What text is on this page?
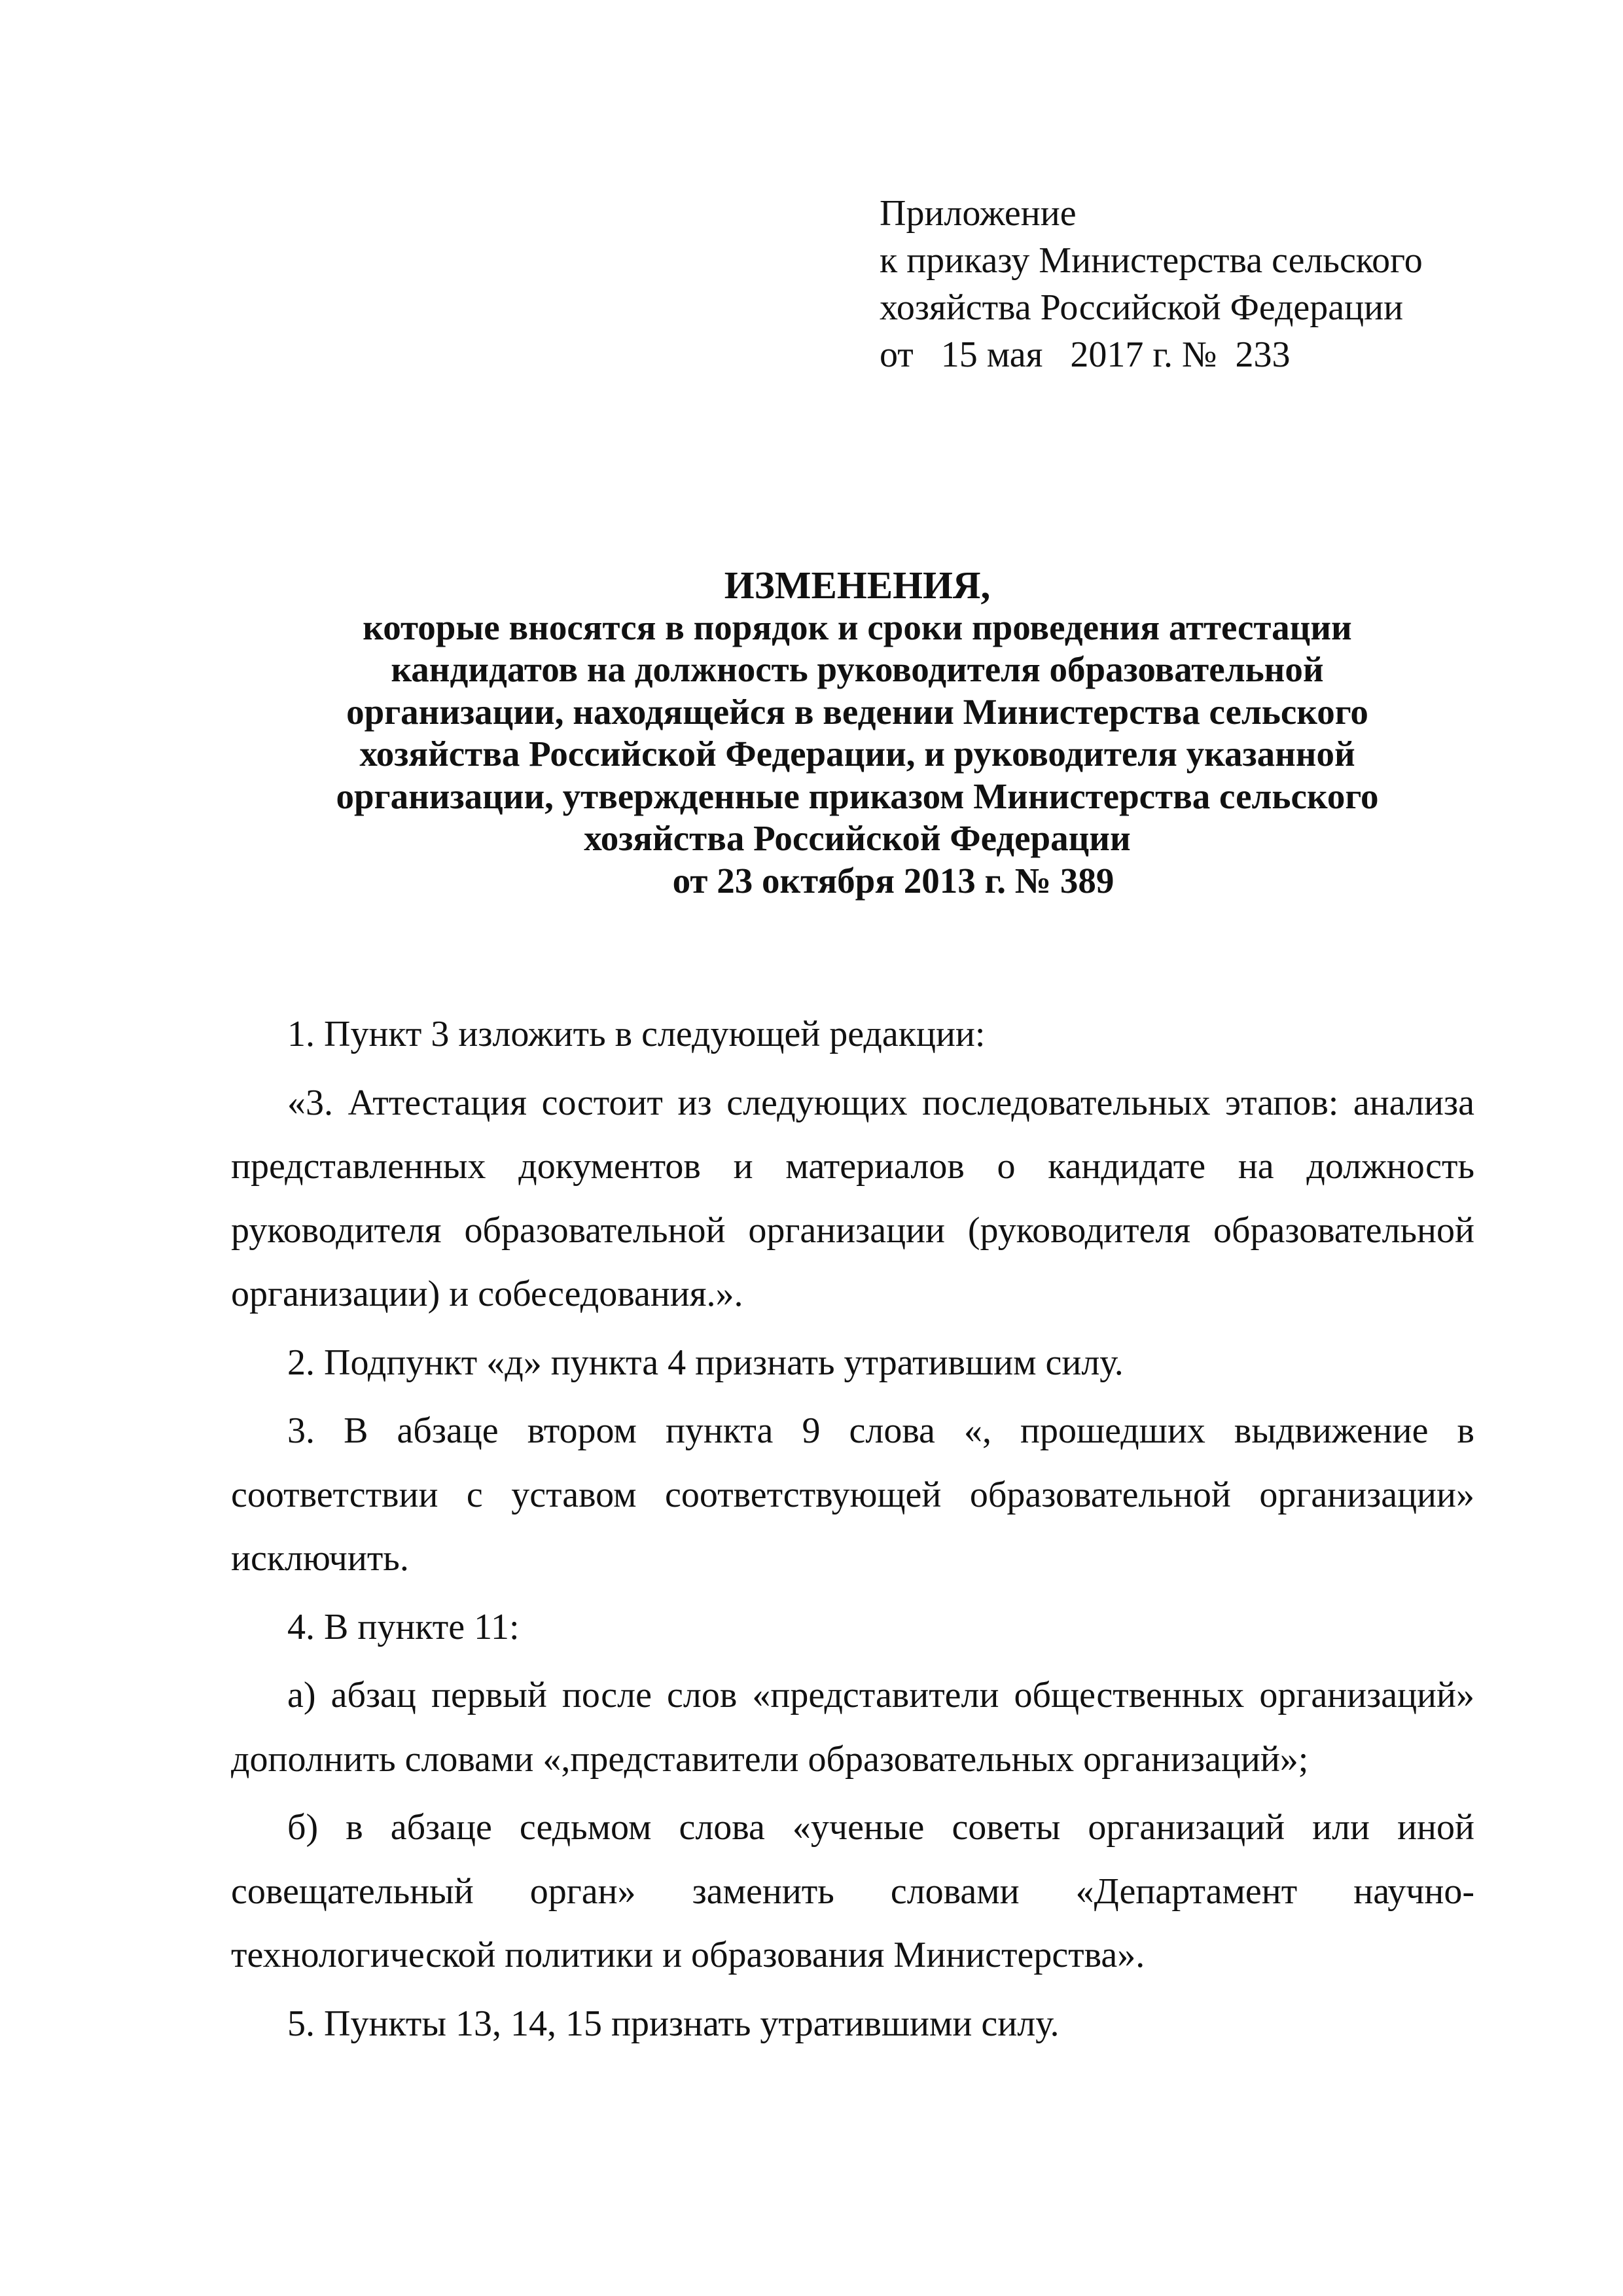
Приложение
к приказу Министерства сельского
хозяйства Российской Федерации
от   15 мая   2017 г. №  233
ИЗМЕНЕНИЯ,
которые вносятся в порядок и сроки проведения аттестации
кандидатов на должность руководителя образовательной
организации, находящейся в ведении Министерства сельского
хозяйства Российской Федерации, и руководителя указанной
организации, утвержденные приказом Министерства сельского
хозяйства Российской Федерации
от 23 октября 2013 г. № 389

1. Пункт 3 изложить в следующей редакции:

«3. Аттестация состоит из следующих последовательных этапов: анализа представленных документов и материалов о кандидате на должность руководителя образовательной организации (руководителя образовательной организации) и собеседования.».

2. Подпункт «д» пункта 4 признать утратившим силу.

3. В абзаце втором пункта 9 слова «, прошедших выдвижение в соответствии с уставом соответствующей образовательной организации» исключить.

4. В пункте 11:

а) абзац первый после слов «представители общественных организаций» дополнить словами «,представители образовательных организаций»;

б) в абзаце седьмом слова «ученые советы организаций или иной совещательный орган» заменить словами «Департамент научно-технологической политики и образования Министерства».

5. Пункты 13, 14, 15 признать утратившими силу.
